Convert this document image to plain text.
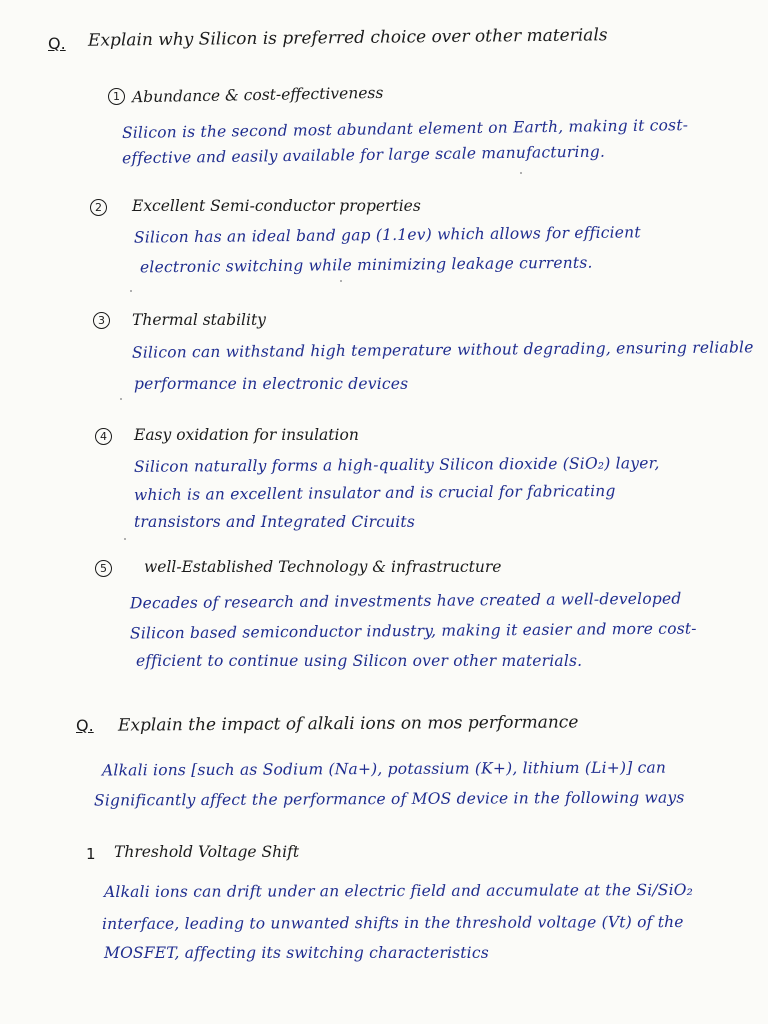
Q. Explain why Silicon is preferred choice over other materials
1 Abundance & cost-effectiveness
Silicon is the second most abundant element on Earth, making it cost-
effective and easily available for large scale manufacturing.
2	Excellent Semi-conductor properties
Silicon has an ideal band gap (1.1ev) which allows for efficient
electronic switching while minimizing leakage currents.
3	Thermal stability
Silicon can withstand high temperature without degrading, ensuring reliable
performance in electronic devices
4	Easy oxidation for insulation
Silicon naturally forms a high-quality Silicon dioxide (SiO₂) layer,
which is an excellent insulator and is crucial for fabricating
transistors and Integrated Circuits
5	well-Established Technology & infrastructure
Decades of research and investments have created a well-developed
Silicon based semiconductor industry, making it easier and more cost-
efficient to continue using Silicon over other materials.
Q. Explain the impact of alkali ions on mos performance
Alkali ions [such as Sodium (Na+), potassium (K+), lithium (Li+)] can
Significantly affect the performance of MOS device in the following ways
1 Threshold Voltage Shift
Alkali ions can drift under an electric field and accumulate at the Si/SiO₂
interface, leading to unwanted shifts in the threshold voltage (Vt) of the
MOSFET, affecting its switching characteristics
